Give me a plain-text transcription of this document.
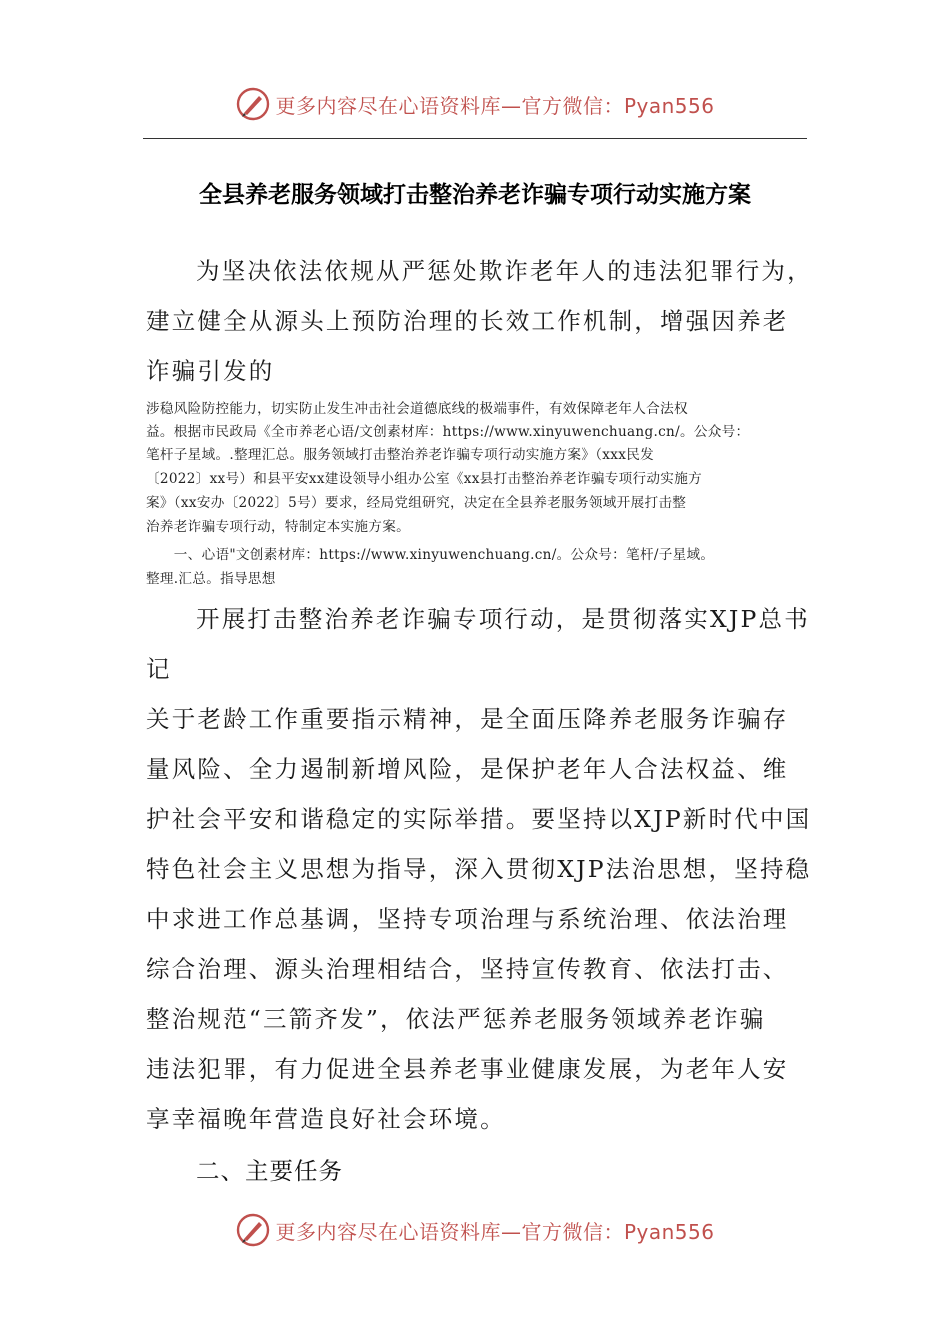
更多内容尽在心语资料库 —官方微信：Pyan556
全县养老服务领域打击整治养老诈骗专项行动实施方案
为坚决依法依规从严惩处欺诈老年人的违法犯罪行为，
建立健全从源头上预防治理的长效工作机制，增强因养老
诈骗引发的
涉稳风险防控能力，切实防止发生冲击社会道德底线的极端事件，有效保障老年人合法权
益。根据市民政局《全市养老心语/文创素材库：https://www.xinyuwenchuang.cn/。公众号：
笔杆子星域。.整理汇总。服务领域打击整治养老诈骗专项行动实施方案》（xxx民发
〔2022〕xx号）和县平安xx建设领导小组办公室《xx县打击整治养老诈骗专项行动实施方
案》（xx安办〔2022〕5号）要求，经局党组研究，决定在全县养老服务领域开展打击整
治养老诈骗专项行动，特制定本实施方案。
　　一、心语"文创素材库：https://www.xinyuwenchuang.cn/。公众号：笔杆/子星域。
整理.汇总。指导思想
开展打击整治养老诈骗专项行动，是贯彻落实XJP总书
记
关于老龄工作重要指示精神，是全面压降养老服务诈骗存
量风险、全力遏制新增风险，是保护老年人合法权益、维
护社会平安和谐稳定的实际举措。要坚持以XJP新时代中国
特色社会主义思想为指导，深入贯彻XJP法治思想，坚持稳
中求进工作总基调，坚持专项治理与系统治理、依法治理
综合治理、源头治理相结合，坚持宣传教育、依法打击、
整治规范“三箭齐发”，依法严惩养老服务领域养老诈骗
违法犯罪，有力促进全县养老事业健康发展，为老年人安
享幸福晚年营造良好社会环境。
二、主要任务
更多内容尽在心语资料库 —官方微信：Pyan556
